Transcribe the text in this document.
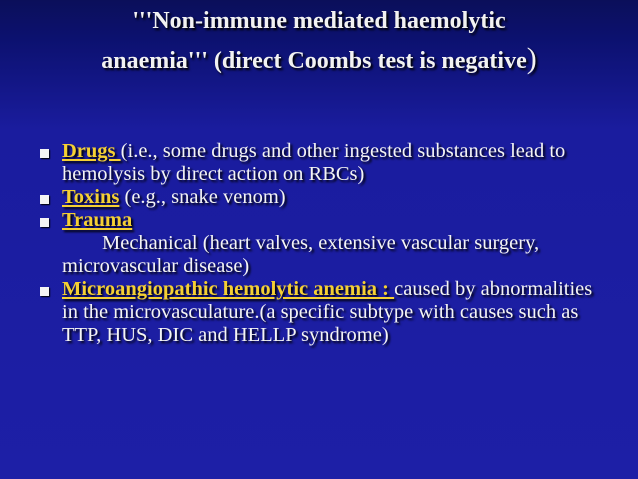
'''Non-immune mediated haemolytic
anaemia''' (direct Coombs test is negative)
Drugs (i.e., some drugs and other ingested substances lead to hemolysis by direct action on RBCs)
Toxins (e.g., snake venom)
Trauma
Mechanical (heart valves, extensive vascular surgery, microvascular disease)
Microangiopathic hemolytic anemia : caused by abnormalities in the microvasculature.(a specific subtype with causes such as TTP, HUS, DIC and HELLP syndrome)
